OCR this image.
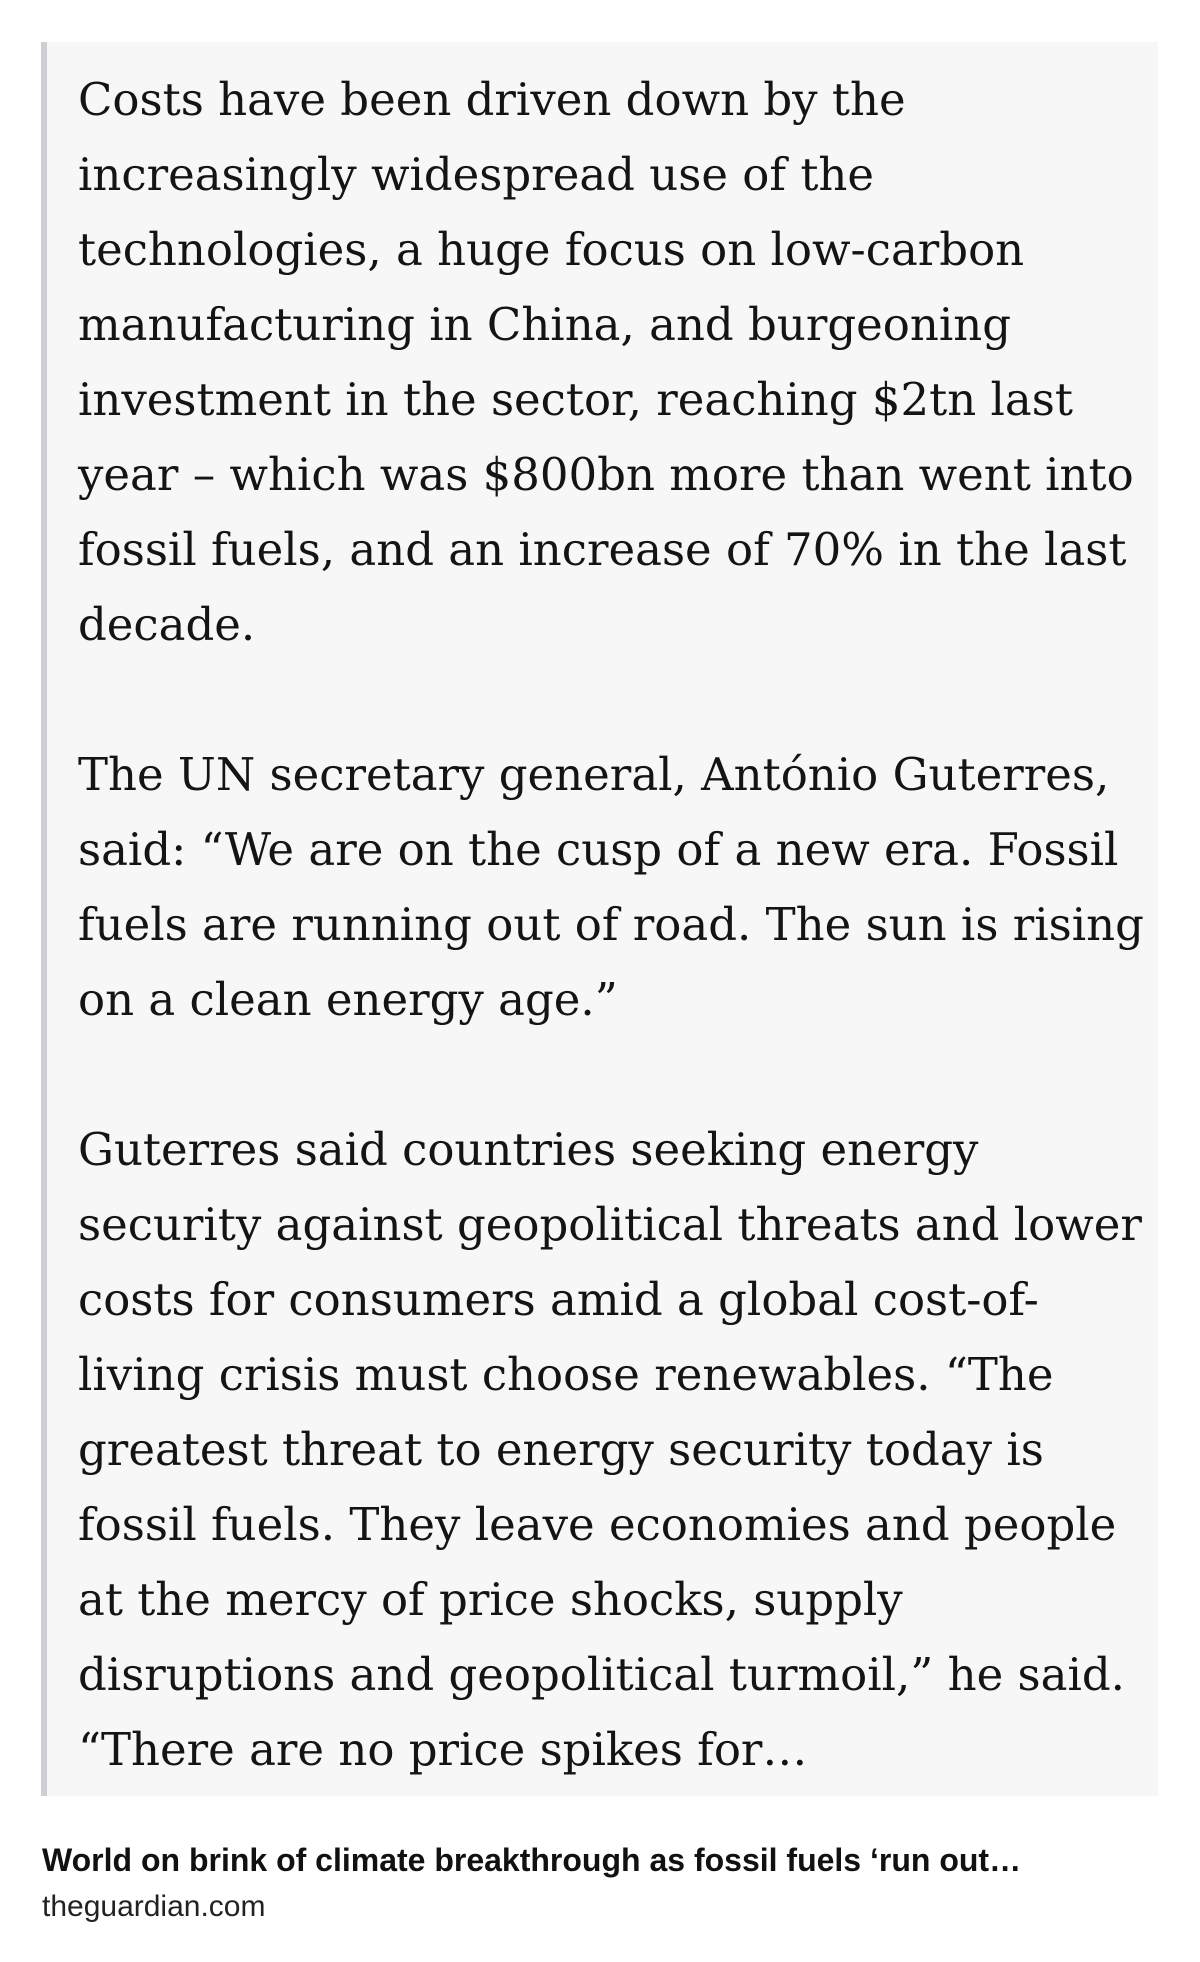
Costs have been driven down by the increasingly widespread use of the technologies, a huge focus on low-carbon manufacturing in China, and burgeoning investment in the sector, reaching $2tn last year – which was $800bn more than went into fossil fuels, and an increase of 70% in the last decade.

The UN secretary general, António Guterres, said: “We are on the cusp of a new era. Fossil fuels are running out of road. The sun is rising on a clean energy age.”

Guterres said countries seeking energy security against geopolitical threats and lower costs for consumers amid a global cost-of-living crisis must choose renewables. “The greatest threat to energy security today is fossil fuels. They leave economies and people at the mercy of price shocks, supply disruptions and geopolitical turmoil,” he said. “There are no price spikes for…

World on brink of climate breakthrough as fossil fuels ‘run out…
theguardian.com
